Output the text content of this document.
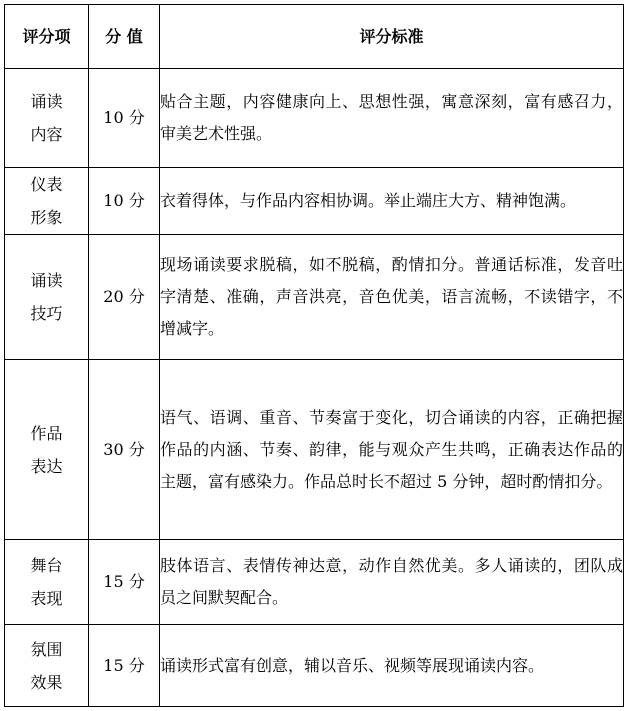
评分项	分 值	评分标准
诵读内容	10 分	贴合主题，内容健康向上、思想性强，寓意深刻，富有感召力，审美艺术性强。
仪表形象	10 分	衣着得体，与作品内容相协调。举止端庄大方、精神饱满。
诵读技巧	20 分	现场诵读要求脱稿，如不脱稿，酌情扣分。普通话标准，发音吐字清楚、准确，声音洪亮，音色优美，语言流畅，不读错字，不增减字。
作品表达	30 分	语气、语调、重音、节奏富于变化，切合诵读的内容，正确把握作品的内涵、节奏、韵律，能与观众产生共鸣，正确表达作品的主题，富有感染力。作品总时长不超过 5 分钟，超时酌情扣分。
舞台表现	15 分	肢体语言、表情传神达意，动作自然优美。多人诵读的，团队成员之间默契配合。
氛围效果	15 分	诵读形式富有创意，辅以音乐、视频等展现诵读内容。
